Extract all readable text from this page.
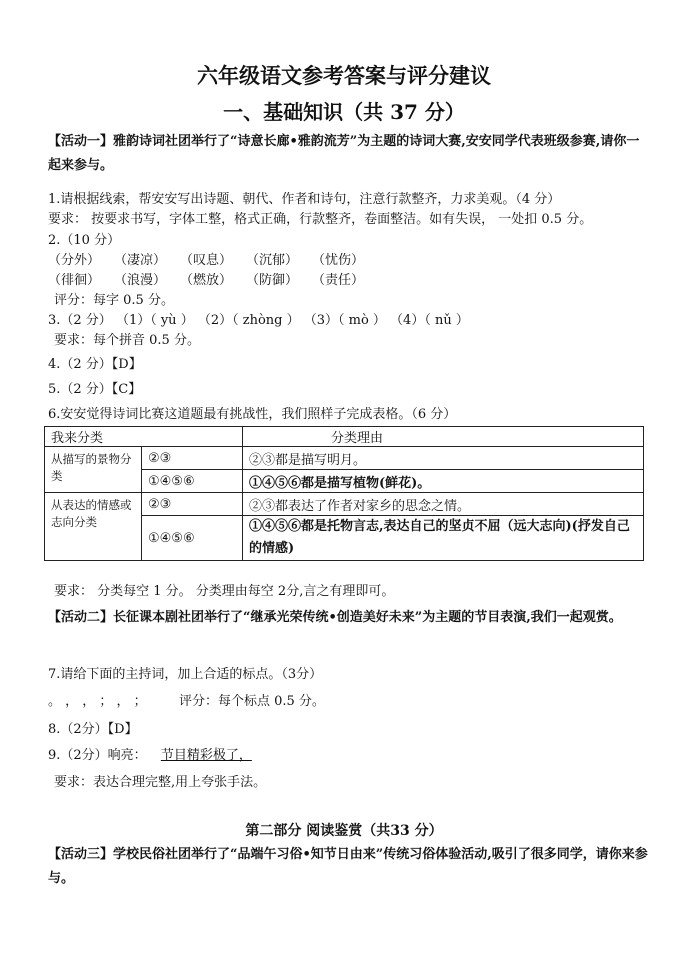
六年级语文参考答案与评分建议
一、基础知识（共 37 分）
【活动一】雅韵诗词社团举行了“诗意长廊•雅韵流芳”为主题的诗词大赛,安安同学代表班级参赛,请你一起来参与。
1.请根据线索，帮安安写出诗题、朝代、作者和诗句，注意行款整齐，力求美观。（4 分）
要求： 按要求书写，字体工整，格式正确，行款整齐，卷面整洁。如有失误， 一处扣 0.5 分。
2.（10 分）
（分外） （凄凉） （叹息） （沉郁） （忧伤）
（徘徊） （浪漫） （燃放） （防御） （责任）
评分：每字 0.5 分。
3.（2 分） （1）（ yù ） （2）（ zhòng ） （3）（ mò ） （4）（ nǔ ）
要求：每个拼音 0.5 分。
4.（2 分）【D】
5.（2 分）【C】
6.安安觉得诗词比赛这道题最有挑战性，我们照样子完成表格。（6 分）
我来分类		分类理由
从描写的景物分类	②③	②③都是描写明月。
	①④⑤⑥	①④⑤⑥都是描写植物(鲜花)。
从表达的情感或志向分类	②③	②③都表达了作者对家乡的思念之情。
	①④⑤⑥	①④⑤⑥都是托物言志,表达自己的坚贞不屈（远大志向)(抒发自己的情感)
要求： 分类每空 1 分。 分类理由每空 2分,言之有理即可。
【活动二】长征课本剧社团举行了“继承光荣传统•创造美好未来”为主题的节目表演,我们一起观赏。
7.请给下面的主持词，加上合适的标点。（3分）
。 ， ， ； ， ； 评分：每个标点 0.5 分。
8.（2分）【D】
9.（2分）响亮： 节目精彩极了，
要求：表达合理完整,用上夸张手法。
第二部分 阅读鉴赏（共33 分）
【活动三】学校民俗社团举行了“品端午习俗•知节日由来”传统习俗体验活动,吸引了很多同学，请你来参与。
